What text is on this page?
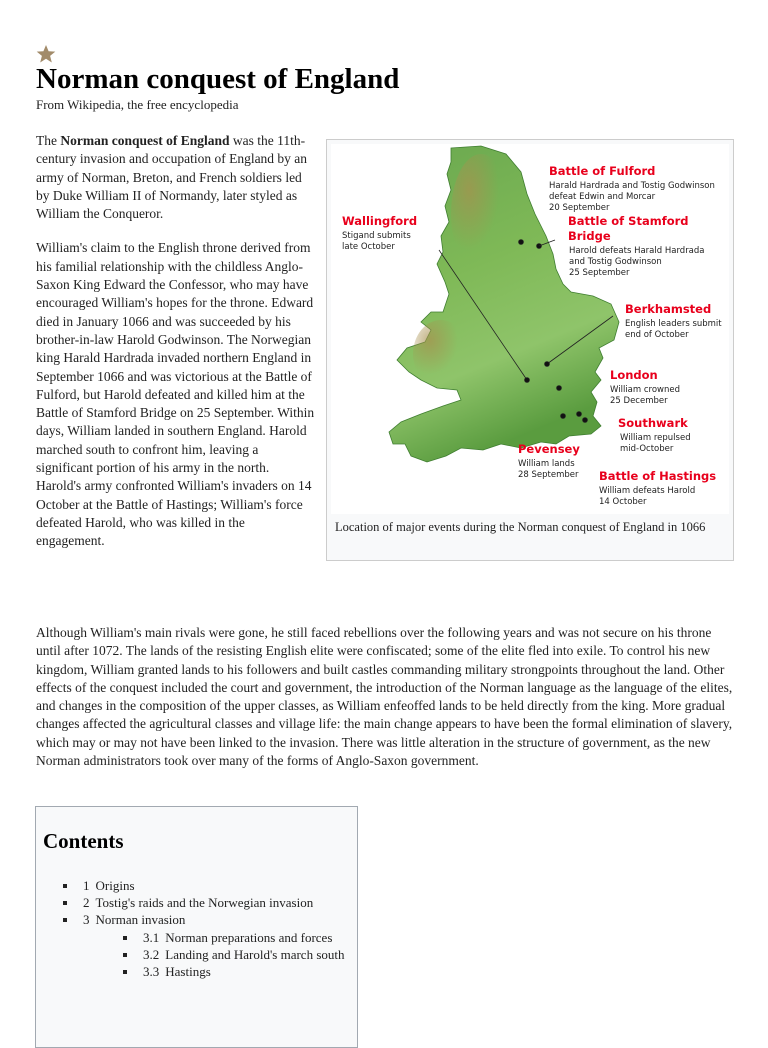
Norman conquest of England
From Wikipedia, the free encyclopedia

The Norman conquest of England was the 11th-century invasion and occupation of England by an army of Norman, Breton, and French soldiers led by Duke William II of Normandy, later styled as William the Conqueror.

William's claim to the English throne derived from his familial relationship with the childless Anglo-Saxon King Edward the Confessor, who may have encouraged William's hopes for the throne. Edward died in January 1066 and was succeeded by his brother-in-law Harold Godwinson. The Norwegian king Harald Hardrada invaded northern England in September 1066 and was victorious at the Battle of Fulford, but Harold defeated and killed him at the Battle of Stamford Bridge on 25 September. Within days, William landed in southern England. Harold marched south to confront him, leaving a significant portion of his army in the north. Harold's army confronted William's invaders on 14 October at the Battle of Hastings; William's force defeated Harold, who was killed in the engagement.

Battle of Fulford
Harald Hardrada and Tostig Godwinson
defeat Edwin and Morcar
20 September
Wallingford
Stigand submits
late October
Battle of Stamford
Bridge
Harold defeats Harald Hardrada
and Tostig Godwinson
25 September
Berkhamsted
English leaders submit
end of October
London
William crowned
25 December
Southwark
William repulsed
mid-October
Pevensey
William lands
28 September Battle of Hastings
William defeats Harold
14 October
Location of major events during the Norman conquest of England in 1066

Although William's main rivals were gone, he still faced rebellions over the following years and was not secure on his throne until after 1072. The lands of the resisting English elite were confiscated; some of the elite fled into exile. To control his new kingdom, William granted lands to his followers and built castles commanding military strongpoints throughout the land. Other effects of the conquest included the court and government, the introduction of the Norman language as the language of the elites, and changes in the composition of the upper classes, as William enfeoffed lands to be held directly from the king. More gradual changes affected the agricultural classes and village life: the main change appears to have been the formal elimination of slavery, which may or may not have been linked to the invasion. There was little alteration in the structure of government, as the new Norman administrators took over many of the forms of Anglo-Saxon government.

Contents
1 Origins
2 Tostig's raids and the Norwegian invasion
3 Norman invasion
3.1 Norman preparations and forces
3.2 Landing and Harold's march south
3.3 Hastings
